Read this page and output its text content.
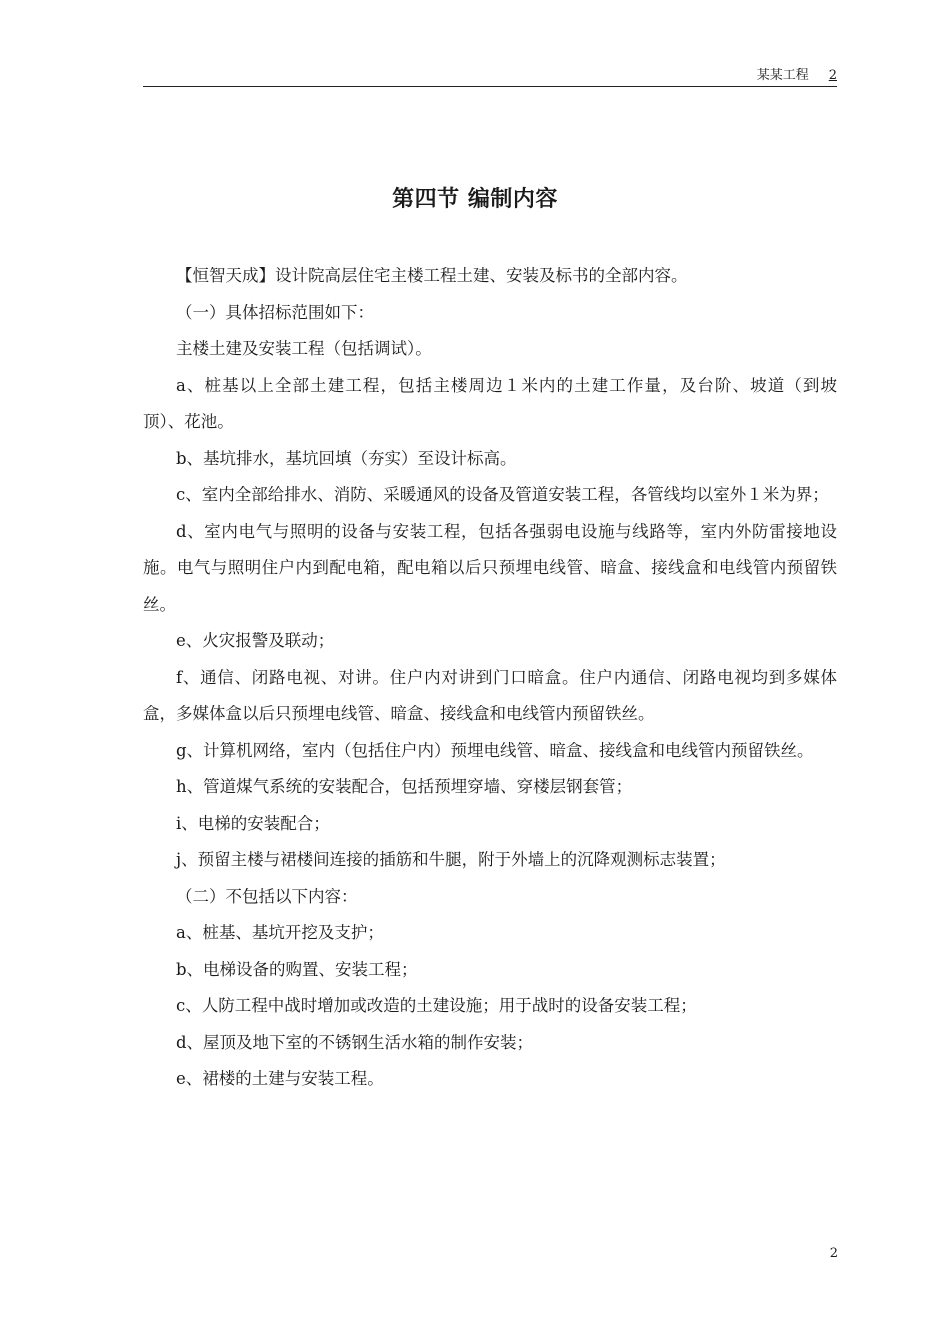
某某工程 2
第四节 编制内容

【恒智天成】设计院高层住宅主楼工程土建、安装及标书的全部内容。

（一）具体招标范围如下：

主楼土建及安装工程（包括调试）。

a、桩基以上全部土建工程，包括主楼周边１米内的土建工作量，及台阶、坡道（到坡顶）、花池。

b、基坑排水，基坑回填（夯实）至设计标高。

c、室内全部给排水、消防、采暖通风的设备及管道安装工程，各管线均以室外１米为界；

d、室内电气与照明的设备与安装工程，包括各强弱电设施与线路等，室内外防雷接地设施。电气与照明住户内到配电箱，配电箱以后只预埋电线管、暗盒、接线盒和电线管内预留铁丝。

e、火灾报警及联动；

f、通信、闭路电视、对讲。住户内对讲到门口暗盒。住户内通信、闭路电视均到多媒体盒，多媒体盒以后只预埋电线管、暗盒、接线盒和电线管内预留铁丝。

g、计算机网络，室内（包括住户内）预埋电线管、暗盒、接线盒和电线管内预留铁丝。

h、管道煤气系统的安装配合，包括预埋穿墙、穿楼层钢套管；

i、电梯的安装配合；

j、预留主楼与裙楼间连接的插筋和牛腿，附于外墙上的沉降观测标志装置；

（二）不包括以下内容：

a、桩基、基坑开挖及支护；

b、电梯设备的购置、安装工程；

c、人防工程中战时增加或改造的土建设施；用于战时的设备安装工程；

d、屋顶及地下室的不锈钢生活水箱的制作安装；

e、裙楼的土建与安装工程。

2
